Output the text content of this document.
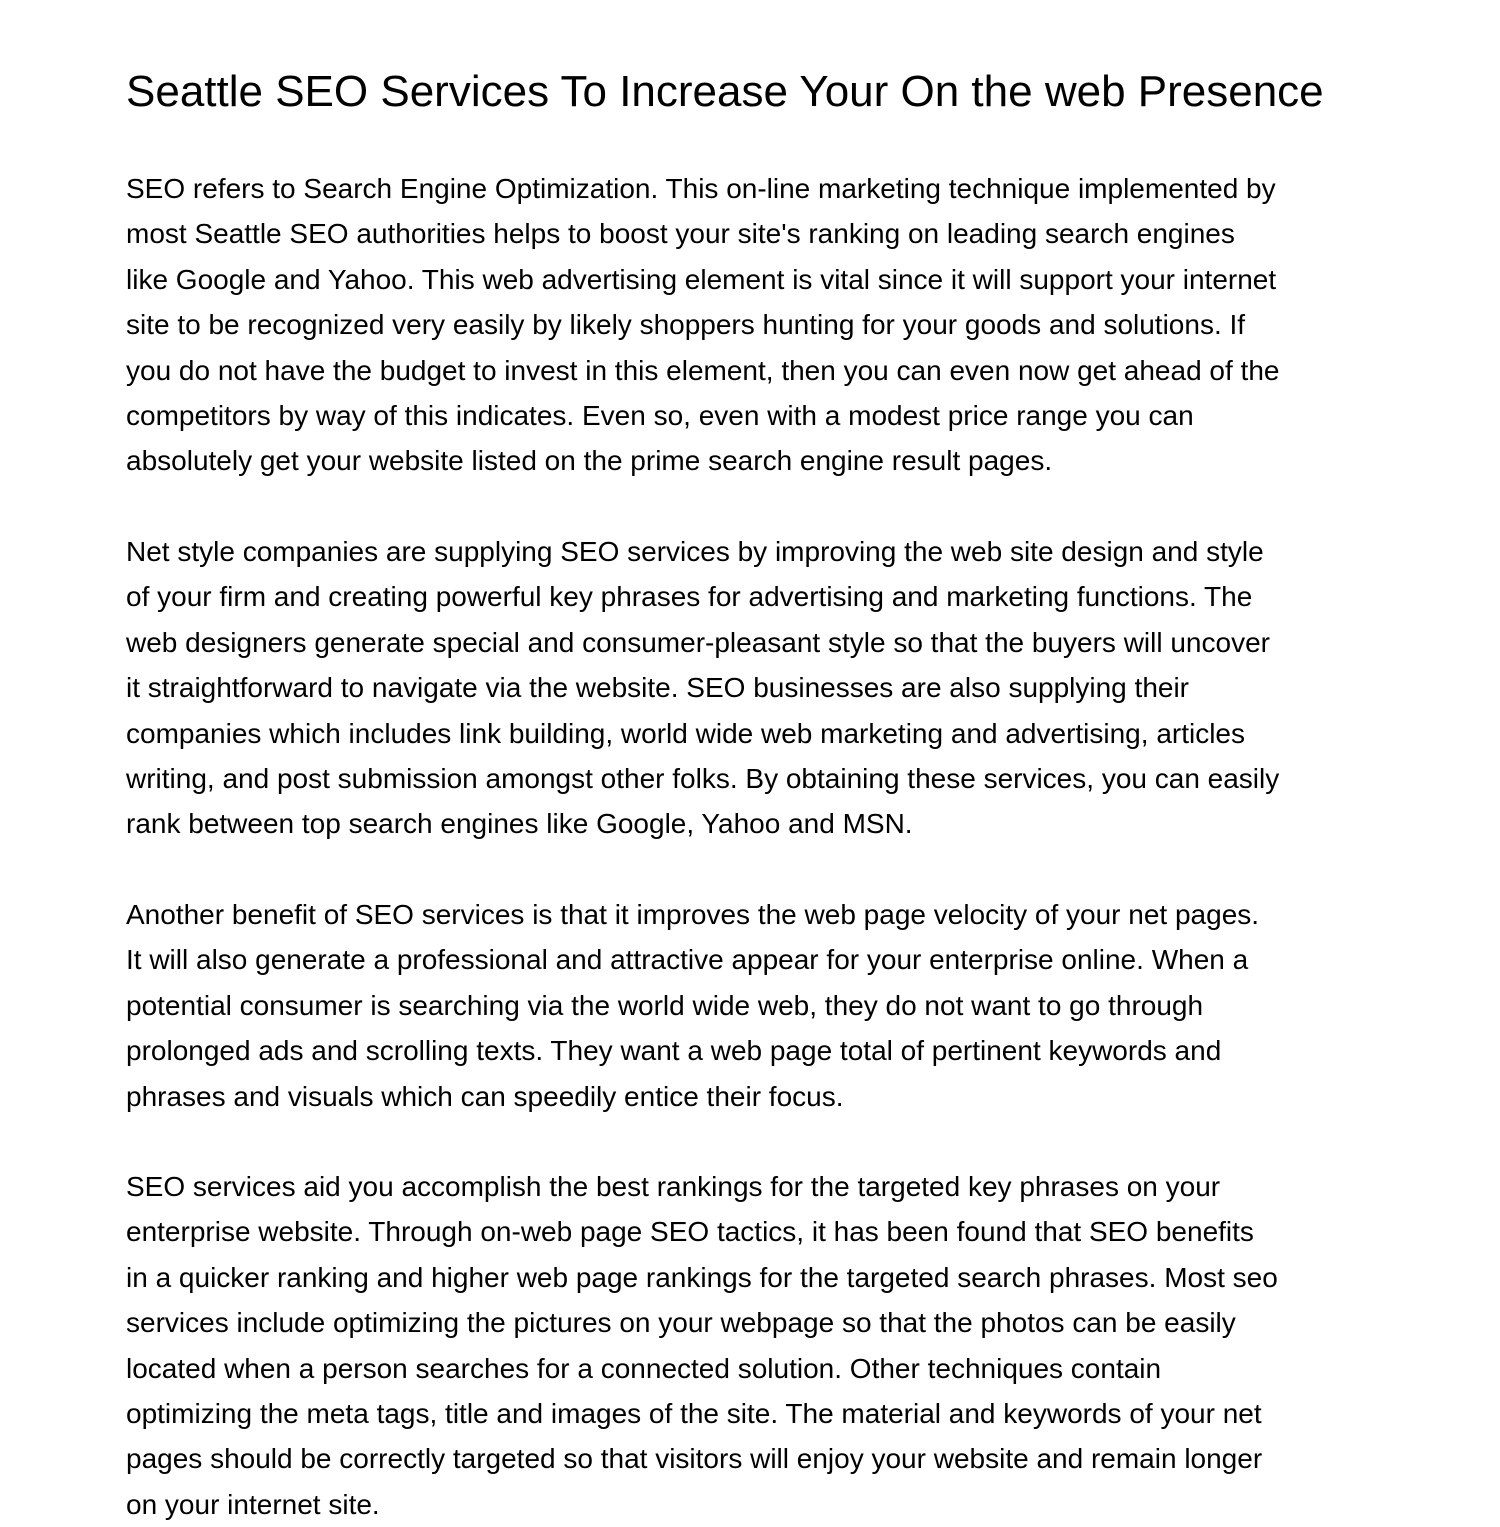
Seattle SEO Services To Increase Your On the web Presence
SEO refers to Search Engine Optimization. This on-line marketing technique implemented by
most Seattle SEO authorities helps to boost your site's ranking on leading search engines
like Google and Yahoo. This web advertising element is vital since it will support your internet
site to be recognized very easily by likely shoppers hunting for your goods and solutions. If
you do not have the budget to invest in this element, then you can even now get ahead of the
competitors by way of this indicates. Even so, even with a modest price range you can
absolutely get your website listed on the prime search engine result pages.
Net style companies are supplying SEO services by improving the web site design and style
of your firm and creating powerful key phrases for advertising and marketing functions. The
web designers generate special and consumer-pleasant style so that the buyers will uncover
it straightforward to navigate via the website. SEO businesses are also supplying their
companies which includes link building, world wide web marketing and advertising, articles
writing, and post submission amongst other folks. By obtaining these services, you can easily
rank between top search engines like Google, Yahoo and MSN.
Another benefit of SEO services is that it improves the web page velocity of your net pages.
It will also generate a professional and attractive appear for your enterprise online. When a
potential consumer is searching via the world wide web, they do not want to go through
prolonged ads and scrolling texts. They want a web page total of pertinent keywords and
phrases and visuals which can speedily entice their focus.
SEO services aid you accomplish the best rankings for the targeted key phrases on your
enterprise website. Through on-web page SEO tactics, it has been found that SEO benefits
in a quicker ranking and higher web page rankings for the targeted search phrases. Most seo
services include optimizing the pictures on your webpage so that the photos can be easily
located when a person searches for a connected solution. Other techniques contain
optimizing the meta tags, title and images of the site. The material and keywords of your net
pages should be correctly targeted so that visitors will enjoy your website and remain longer
on your internet site.
